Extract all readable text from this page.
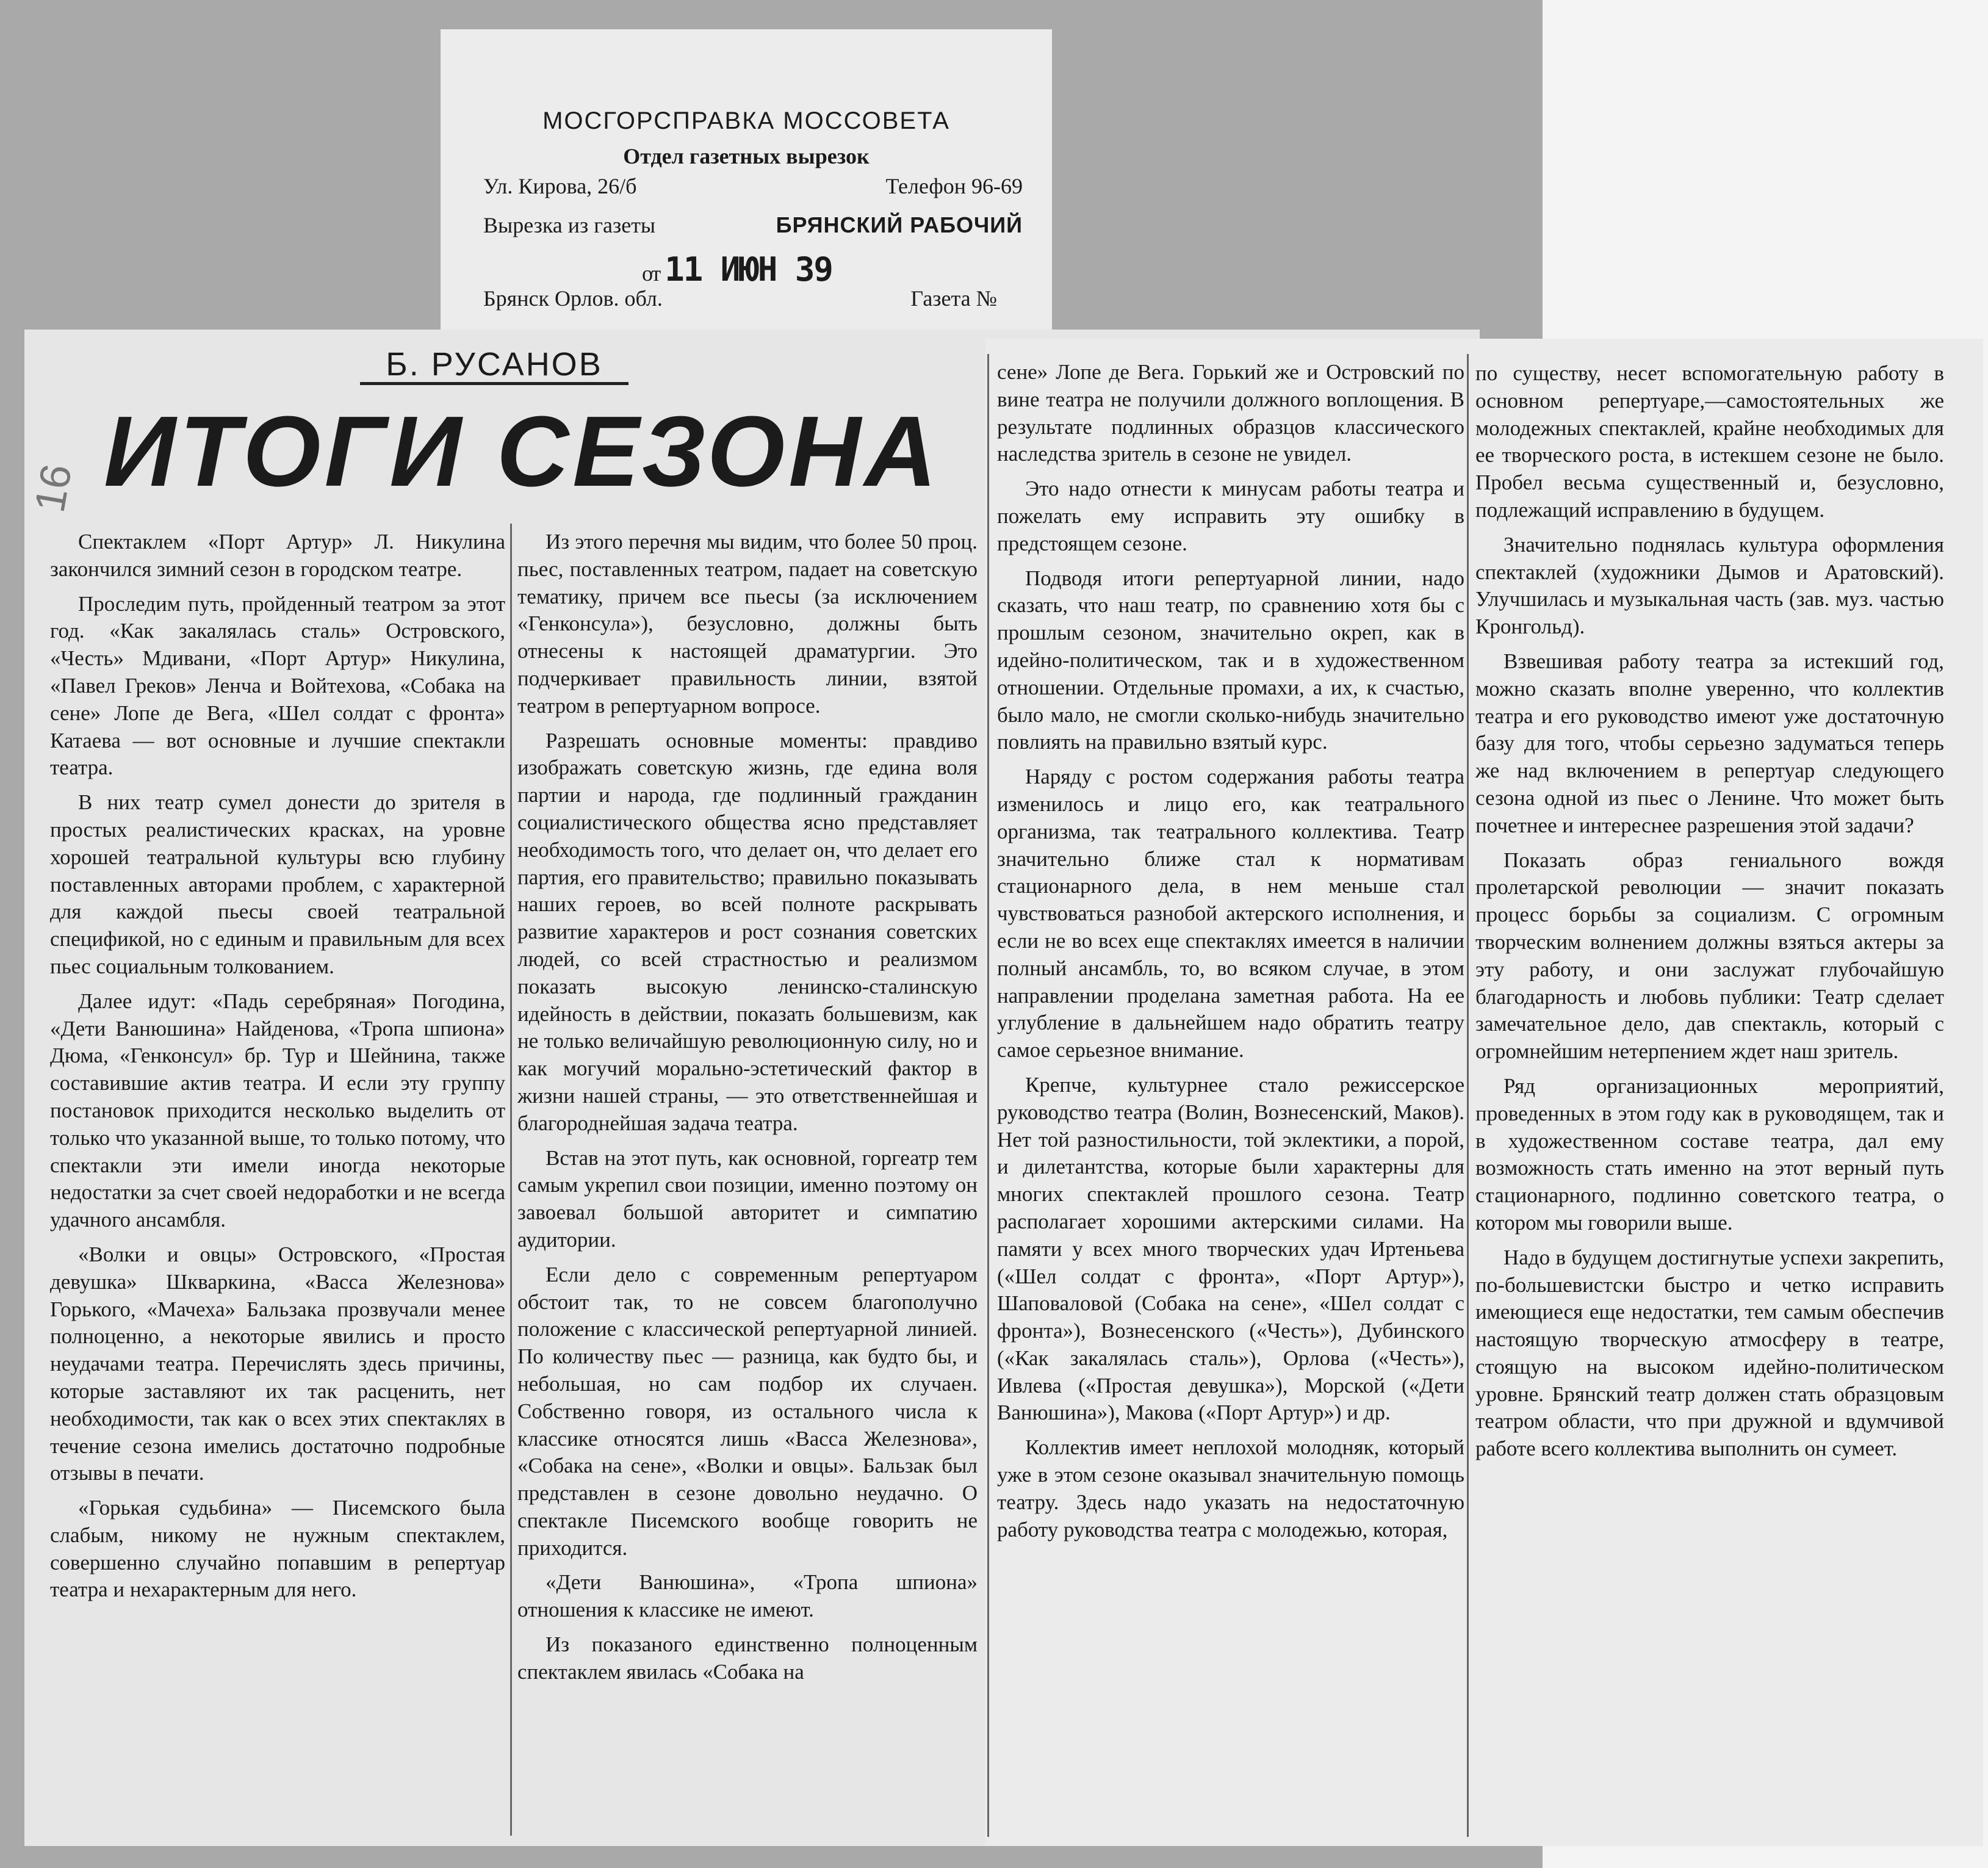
МОСГОРСПРАВКА МОССОВЕТА
Отдел газетных вырезок
Ул. Кирова, 26/б	Телефон 96-69
Вырезка из газеты	БРЯНСКИЙ РАБОЧИЙ
от 11 ИЮН 39
Брянск Орлов. обл.	Газета №
16
Б. РУСАНОВ
ИТОГИ СЕЗОНА

Спектаклем «Порт Артур» Л. Никулина закончился зимний сезон в городском театре.

Проследим путь, пройденный театром за этот год. «Как закалялась сталь» Островского, «Честь» Мдивани, «Порт Артур» Никулина, «Павел Греков» Ленча и Войтехова, «Собака на сене» Лопе де Вега, «Шел солдат с фронта» Катаева — вот основные и лучшие спектакли театра.

В них театр сумел донести до зрителя в простых реалистических красках, на уровне хорошей театральной культуры всю глубину поставленных авторами проблем, с характерной для каждой пьесы своей театральной спецификой, но с единым и правильным для всех пьес социальным толкованием.

Далее идут: «Падь серебряная» Погодина, «Дети Ванюшина» Найденова, «Тропа шпиона» Дюма, «Генконсул» бр. Тур и Шейнина, также составившие актив театра. И если эту группу постановок приходится несколько выделить от только что указанной выше, то только потому, что спектакли эти имели иногда некоторые недостатки за счет своей недоработки и не всегда удачного ансамбля.

«Волки и овцы» Островского, «Простая девушка» Шкваркина, «Васса Железнова» Горького, «Мачеха» Бальзака прозвучали менее полноценно, а некоторые явились и просто неудачами театра. Перечислять здесь причины, которые заставляют их так расценить, нет необходимости, так как о всех этих спектаклях в течение сезона имелись достаточно подробные отзывы в печати.

«Горькая судьбина» — Писемского была слабым, никому не нужным спектаклем, совершенно случайно попавшим в репертуар театра и нехарактерным для него.

Из этого перечня мы видим, что более 50 проц. пьес, поставленных театром, падает на советскую тематику, причем все пьесы (за исключением «Генконсула»), безусловно, должны быть отнесены к настоящей драматургии. Это подчеркивает правильность линии, взятой театром в репертуарном вопросе.

Разрешать основные моменты: правдиво изображать советскую жизнь, где едина воля партии и народа, где подлинный гражданин социалистического общества ясно представляет необходимость того, что делает он, что делает его партия, его правительство; правильно показывать наших героев, во всей полноте раскрывать развитие характеров и рост сознания советских людей, со всей страстностью и реализмом показать высокую ленинско-сталинскую идейность в действии, показать большевизм, как не только величайшую революционную силу, но и как могучий морально-эстетический фактор в жизни нашей страны, — это ответственнейшая и благороднейшая задача театра.

Встав на этот путь, как основной, горгеатр тем самым укрепил свои позиции, именно поэтому он завоевал большой авторитет и симпатию аудитории.

Если дело с современным репертуаром обстоит так, то не совсем благополучно положение с классической репертуарной линией. По количеству пьес — разница, как будто бы, и небольшая, но сам подбор их случаен. Собственно говоря, из остального числа к классике относятся лишь «Васса Железнова», «Собака на сене», «Волки и овцы». Бальзак был представлен в сезоне довольно неудачно. О спектакле Писемского вообще говорить не приходится.

«Дети Ванюшина», «Тропа шпиона» отношения к классике не имеют.

Из показаного единственно полноценным спектаклем явилась «Собака на

сене» Лопе де Вега. Горький же и Островский по вине театра не получили должного воплощения. В результате подлинных образцов классического наследства зритель в сезоне не увидел.

Это надо отнести к минусам работы театра и пожелать ему исправить эту ошибку в предстоящем сезоне.

Подводя итоги репертуарной линии, надо сказать, что наш театр, по сравнению хотя бы с прошлым сезоном, значительно окреп, как в идейно-политическом, так и в художественном отношении. Отдельные промахи, а их, к счастью, было мало, не смогли сколько-нибудь значительно повлиять на правильно взятый курс.

Наряду с ростом содержания работы театра изменилось и лицо его, как театрального организма, так театрального коллектива. Театр значительно ближе стал к нормативам стационарного дела, в нем меньше стал чувствоваться разнобой актерского исполнения, и если не во всех еще спектаклях имеется в наличии полный ансамбль, то, во всяком случае, в этом направлении проделана заметная работа. На ее углубление в дальнейшем надо обратить театру самое серьезное внимание.

Крепче, культурнее стало режиссерское руководство театра (Волин, Вознесенский, Маков). Нет той разностильности, той эклектики, а порой, и дилетантства, которые были характерны для многих спектаклей прошлого сезона. Театр располагает хорошими актерскими силами. На памяти у всех много творческих удач Иртеньева («Шел солдат с фронта», «Порт Артур»), Шаповаловой (Собака на сене», «Шел солдат с фронта»), Вознесенского («Честь»), Дубинского («Как закалялась сталь»), Орлова («Честь»), Ивлева («Простая девушка»), Морской («Дети Ванюшина»), Макова («Порт Артур») и др.

Коллектив имеет неплохой молодняк, который уже в этом сезоне оказывал значительную помощь театру. Здесь надо указать на недостаточную работу руководства театра с молодежью, которая,

по существу, несет вспомогательную работу в основном репертуаре,—самостоятельных же молодежных спектаклей, крайне необходимых для ее творческого роста, в истекшем сезоне не было. Пробел весьма существенный и, безусловно, подлежащий исправлению в будущем.

Значительно поднялась культура оформления спектаклей (художники Дымов и Аратовский). Улучшилась и музыкальная часть (зав. муз. частью Кронгольд).

Взвешивая работу театра за истекший год, можно сказать вполне уверенно, что коллектив театра и его руководство имеют уже достаточную базу для того, чтобы серьезно задуматься теперь же над включением в репертуар следующего сезона одной из пьес о Ленине. Что может быть почетнее и интереснее разрешения этой задачи?

Показать образ гениального вождя пролетарской революции — значит показать процесс борьбы за социализм. С огромным творческим волнением должны взяться актеры за эту работу, и они заслужат глубочайшую благодарность и любовь публики: Театр сделает замечательное дело, дав спектакль, который с огромнейшим нетерпением ждет наш зритель.

Ряд организационных мероприятий, проведенных в этом году как в руководящем, так и в художественном составе театра, дал ему возможность стать именно на этот верный путь стационарного, подлинно советского театра, о котором мы говорили выше.

Надо в будущем достигнутые успехи закрепить, по-большевистски быстро и четко исправить имеющиеся еще недостатки, тем самым обеспечив настоящую творческую атмосферу в театре, стоящую на высоком идейно-политическом уровне. Брянский театр должен стать образцовым театром области, что при дружной и вдумчивой работе всего коллектива выполнить он сумеет.
